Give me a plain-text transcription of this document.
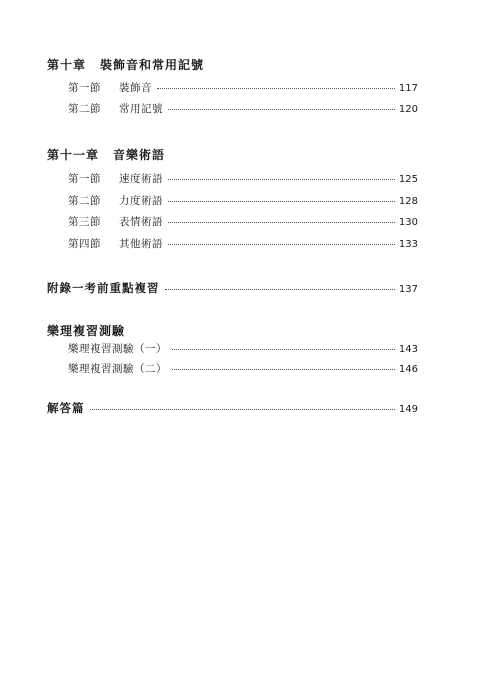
第十章 裝飾音和常用記號
第一節	裝飾音	117
第二節	常用記號	120
第十一章 音樂術語
第一節	速度術語	125
第二節	力度術語	128
第三節	表情術語	130
第四節	其他術語	133
附錄一考前重點複習	137
樂理複習測驗
樂理複習測驗（一）	143
樂理複習測驗（二）	146
解答篇	149
